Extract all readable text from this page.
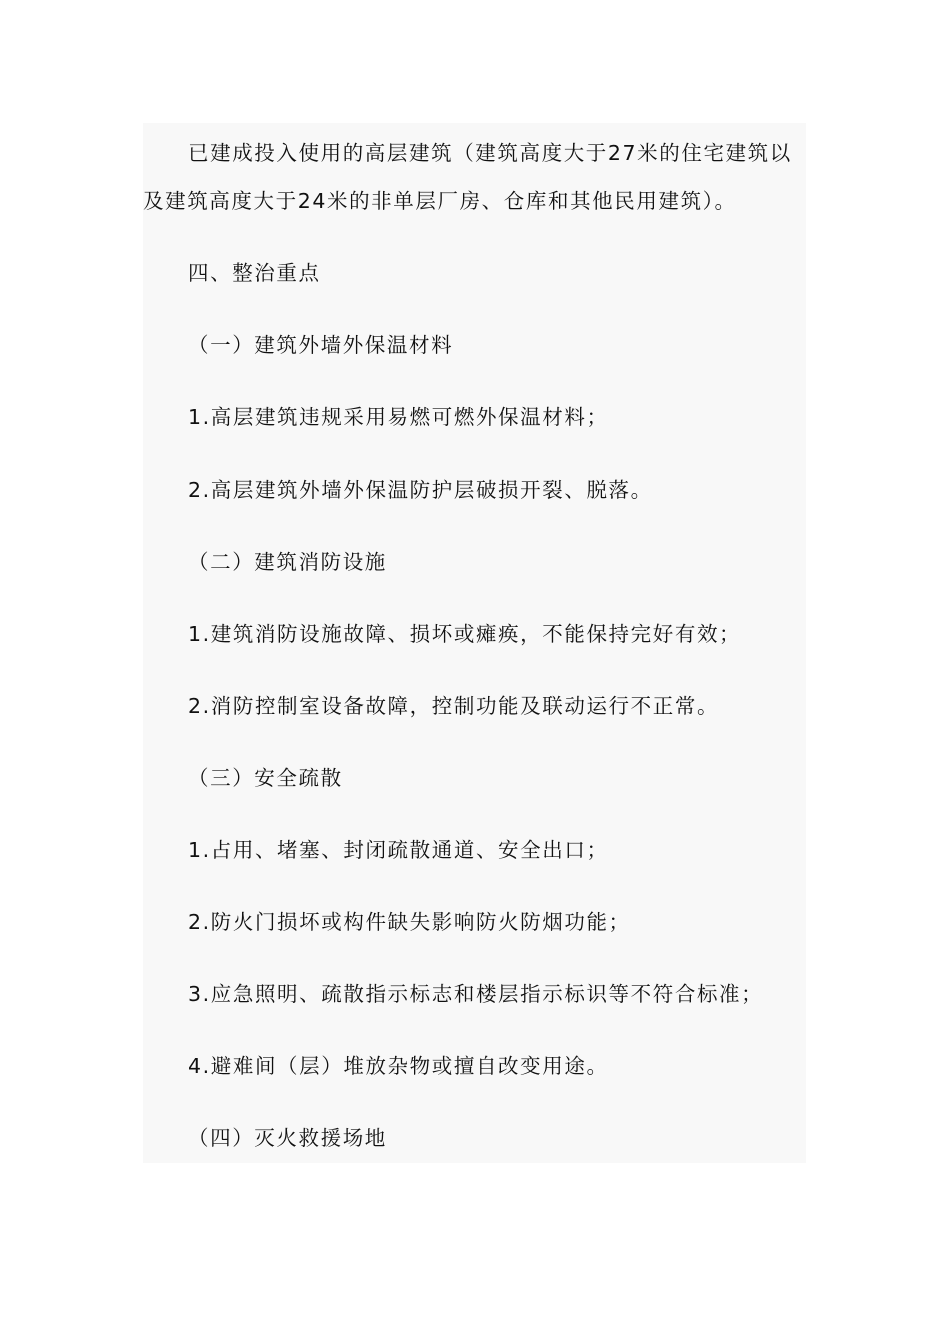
已建成投入使用的高层建筑（建筑高度大于27米的住宅建筑以
及建筑高度大于24米的非单层厂房、仓库和其他民用建筑）。
四、整治重点
（一）建筑外墙外保温材料
1.高层建筑违规采用易燃可燃外保温材料；
2.高层建筑外墙外保温防护层破损开裂、脱落。
（二）建筑消防设施
1.建筑消防设施故障、损坏或瘫痪，不能保持完好有效；
2.消防控制室设备故障，控制功能及联动运行不正常。
（三）安全疏散
1.占用、堵塞、封闭疏散通道、安全出口；
2.防火门损坏或构件缺失影响防火防烟功能；
3.应急照明、疏散指示标志和楼层指示标识等不符合标准；
4.避难间（层）堆放杂物或擅自改变用途。
（四）灭火救援场地
